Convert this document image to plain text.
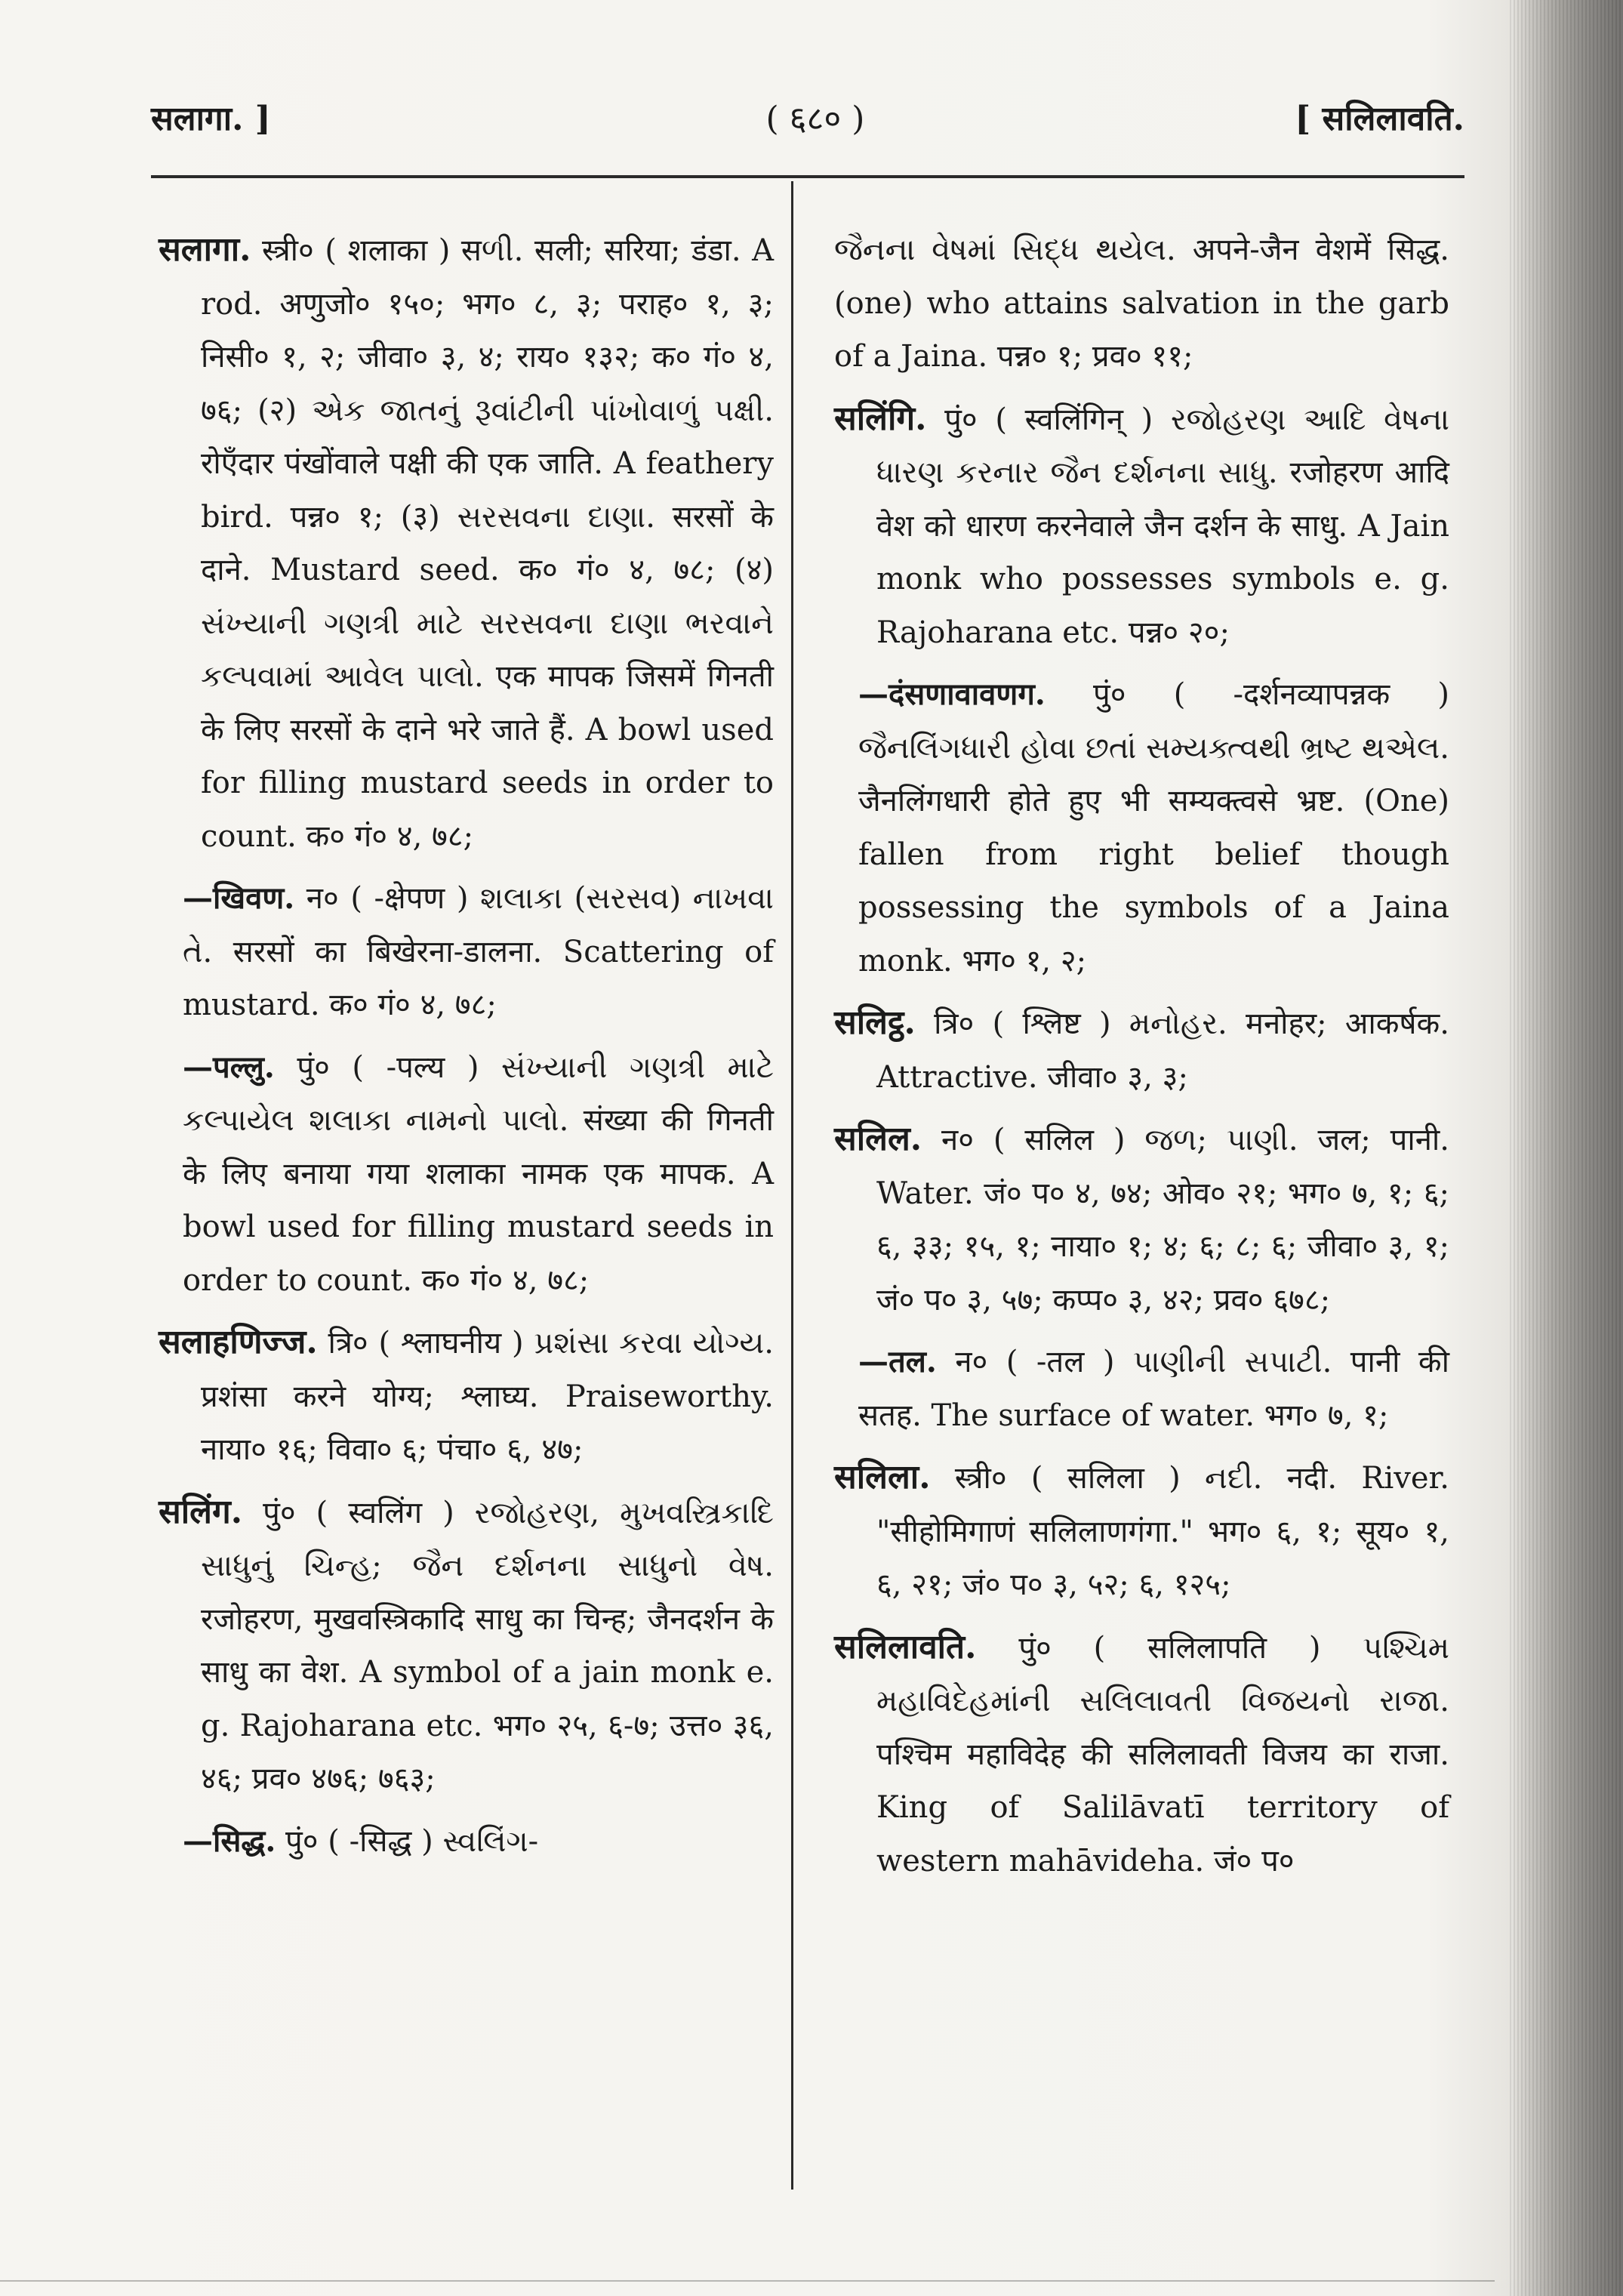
सलागा. ]	( ६८० )	[ सलिलावति.

सलागा. स्त्री० ( शलाका ) सળી. सली; सरिया; डंडा. A rod. अणुजो० १५०; भग० ८, ३; पराह० १, ३; निसी० १, २; जीवा० ३, ४; राय० १३२; क० गं० ४, ७६; (२) એક જાતનું રૂવાંટીની પાંખોવાળું પક્ષી. रोएँदार पंखोंवाले पक्षी की एक जाति. A feathery bird. पन्न० १; (३) સરસવના દાણા. सरसों के दाने. Mustard seed. क० गं० ४, ७८; (४) સંખ્યાની ગણત્રી માટે સરસવના દાણા ભરવાને કલ્પવામાં આવેલ પાલો. एक मापक जिसमें गिनती के लिए सरसों के दाने भरे जाते हैं. A bowl used for filling mustard seeds in order to count. क० गं० ४, ७८;

—खिवण. न० ( -क्षेपण ) શલાકા (સરસવ) નાખવા તે. सरसों का बिखेरना-डालना. Scattering of mustard. क० गं० ४, ७८;

—पल्लु. पुं० ( -पल्य ) સંખ્યાની ગણત્રી માટે કલ્પાયેલ શલાકા નામનો પાલો. संख्या की गिनती के लिए बनाया गया शलाका नामक एक मापक. A bowl used for filling mustard seeds in order to count. क० गं० ४, ७८;

सलाहणिज्ज. त्रि० ( श्लाघनीय ) પ્રશંસા કરવા યોગ્ય. प्रशंसा करने योग्य; श्लाघ्य. Praiseworthy. नाया० १६; विवा० ६; पंचा० ६, ४७;

सलिंग. पुं० ( स्वलिंग ) રજોહરણ, મુખવસ્ત્રિકાદિ સાધુનું ચિન્હ; જૈન દર્શનના સાધુનો વેષ. रजोहरण, मुखवस्त्रिकादि साधु का चिन्ह; जैनदर्शन के साधु का वेश. A symbol of a jain monk e. g. Rajoharana etc. भग० २५, ६-७; उत्त० ३६, ४६; प्रव० ४७६; ७६३;

—सिद्ध. पुं० ( -सिद्ध ) સ્વલિંગ-

જૈનના વેષમાં સિદ્ધ થયેલ. अपने-जैन वेशमें सिद्ध. (one) who attains salvation in the garb of a Jaina. पन्न० १; प्रव० ११;

सलिंगि. पुं० ( स्वलिंगिन् ) રજોહરણ આદિ વેષના ધારણ કરનાર જૈન દર્શનના સાધુ. रजोहरण आदि वेश को धारण करनेवाले जैन दर्शन के साधु. A Jain monk who possesses symbols e. g. Rajoharana etc. पन्न० २०;

—दंसणावावणग. पुं० ( -दर्शनव्यापन्नक ) જૈનલિંગધારી હોવા છતાં સમ્યક્ત્વથી ભ્રષ્ટ થએલ. जैनलिंगधारी होते हुए भी सम्यक्त्वसे भ्रष्ट. (One) fallen from right belief though possessing the symbols of a Jaina monk. भग० १, २;

सलिट्ठ. त्रि० ( श्लिष्ट ) મનોહર. मनोहर; आकर्षक. Attractive. जीवा० ३, ३;

सलिल. न० ( सलिल ) જળ; પાણી. जल; पानी. Water. जं० प० ४, ७४; ओव० २१; भग० ७, १; ६; ६, ३३; १५, १; नाया० १; ४; ६; ८; ६; जीवा० ३, १; जं० प० ३, ५७; कप्प० ३, ४२; प्रव० ६७८;

—तल. न० ( -तल ) પાણીની સપાટી. पानी की सतह. The surface of water. भग० ७, १;

सलिला. स्त्री० ( सलिला ) નદી. नदी. River. "सीहोमिगाणं सलिलाणगंगा." भग० ६, १; सूय० १, ६, २१; जं० प० ३, ५२; ६, १२५;

सलिलावति. पुं० ( सलिलापति ) પશ્ચિમ મહાવિદેહમાંની સલિલાવતી વિજયનો રાજા. पश्चिम महाविदेह की सलिलावती विजय का राजा. King of Salilāvatī territory of western mahāvideha. जं० प०
